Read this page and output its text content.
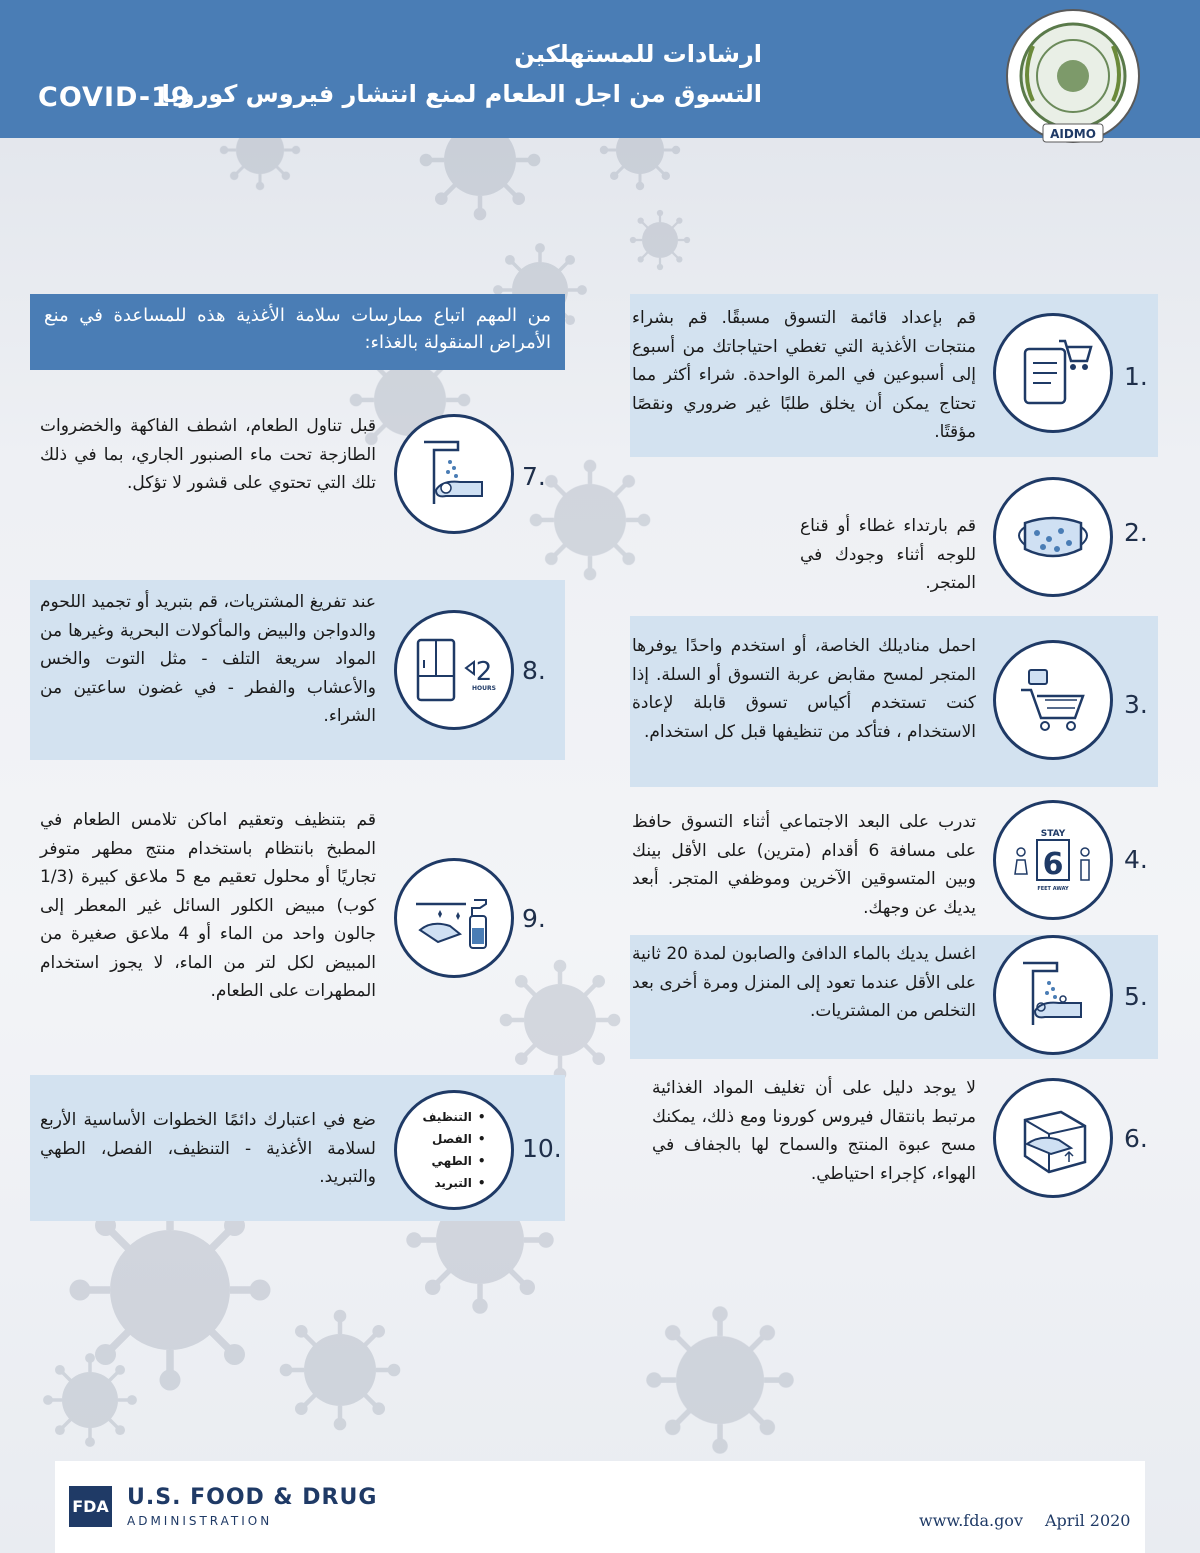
ارشادات للمستهلكين
التسوق من اجل الطعام لمنع انتشار فيروس كورونا
COVID-19
AIDMO
من المهم اتباع ممارسات سلامة الأغذية هذه للمساعدة في منع الأمراض المنقولة بالغذاء:
1.
قم بإعداد قائمة التسوق مسبقًا. قم بشراء منتجات الأغذية التي تغطي احتياجاتك من أسبوع إلى أسبوعين في المرة الواحدة. شراء أكثر مما تحتاج يمكن أن يخلق طلبًا غير ضروري ونقصًا مؤقتًا.
2.
قم بارتداء غطاء أو قناع للوجه أثناء وجودك في المتجر.
3.
احمل مناديلك الخاصة، أو استخدم واحدًا يوفرها المتجر لمسح مقابض عربة التسوق أو السلة. إذا كنت تستخدم أكياس تسوق قابلة لإعادة الاستخدام ، فتأكد من تنظيفها قبل كل استخدام.
4.
STAY
6
FEET AWAY
تدرب على البعد الاجتماعي أثناء التسوق حافظ على مسافة 6 أقدام (مترين) على الأقل بينك وبين المتسوقين الآخرين وموظفي المتجر. أبعد يديك عن وجهك.
5.
اغسل يديك بالماء الدافئ والصابون لمدة 20 ثانية على الأقل عندما تعود إلى المنزل ومرة أخرى بعد التخلص من المشتريات.
6.
لا يوجد دليل على أن تغليف المواد الغذائية مرتبط بانتقال فيروس كورونا ومع ذلك، يمكنك مسح عبوة المنتج والسماح لها بالجفاف في الهواء، كإجراء احتياطي.
7.
قبل تناول الطعام، اشطف الفاكهة والخضروات الطازجة تحت ماء الصنبور الجاري، بما في ذلك تلك التي تحتوي على قشور لا تؤكل.
8.
2
HOURS
عند تفريغ المشتريات، قم بتبريد أو تجميد اللحوم والدواجن والبيض والمأكولات البحرية وغيرها من المواد سريعة التلف - مثل التوت والخس والأعشاب والفطر - في غضون ساعتين من الشراء.
9.
قم بتنظيف وتعقيم اماكن تلامس الطعام في المطبخ بانتظام باستخدام منتج مطهر متوفر تجاريًا أو محلول تعقيم مع 5 ملاعق كبيرة (1/3 كوب) مبيض الكلور السائل غير المعطر إلى جالون واحد من الماء أو 4 ملاعق صغيرة من المبيض لكل لتر من الماء، لا يجوز استخدام المطهرات على الطعام.
10.
• التنظيف
• الفصل
• الطهي
• التبريد
ضع في اعتبارك دائمًا الخطوات الأساسية الأربع لسلامة الأغذية - التنظيف، الفصل، الطهي والتبريد.
FDA U.S. FOOD & DRUG
ADMINISTRATION	www.fda.gov April 2020
